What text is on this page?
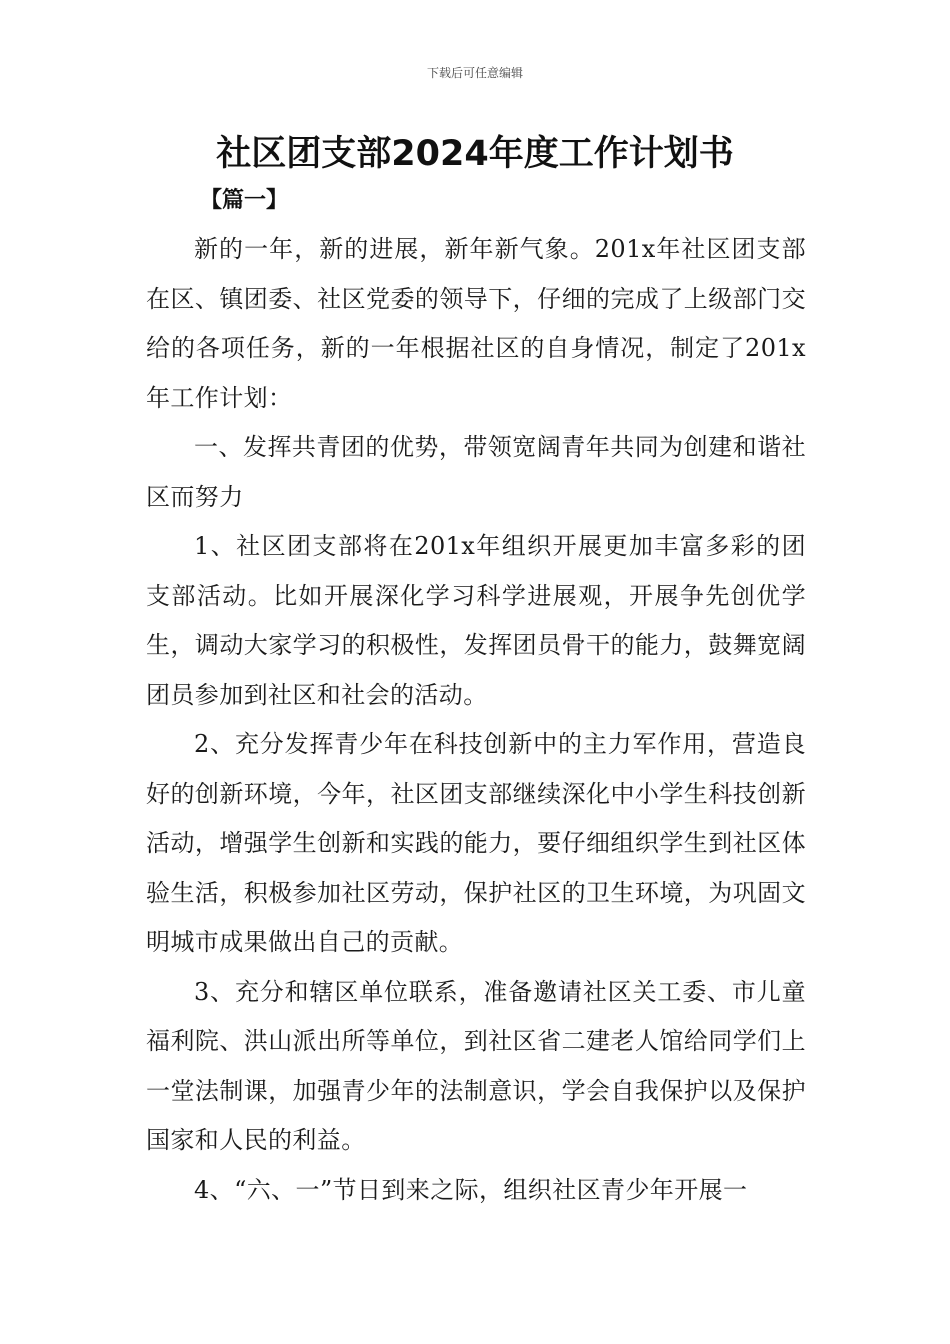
下载后可任意编辑
社区团支部2024年度工作计划书
【篇一】

新的一年，新的进展，新年新气象。201x年社区团支部在区、镇团委、社区党委的领导下，仔细的完成了上级部门交给的各项任务，新的一年根据社区的自身情况，制定了201x年工作计划：

一、发挥共青团的优势，带领宽阔青年共同为创建和谐社区而努力

1、社区团支部将在201x年组织开展更加丰富多彩的团支部活动。比如开展深化学习科学进展观，开展争先创优学生，调动大家学习的积极性，发挥团员骨干的能力，鼓舞宽阔团员参加到社区和社会的活动。

2、充分发挥青少年在科技创新中的主力军作用，营造良好的创新环境，今年，社区团支部继续深化中小学生科技创新活动，增强学生创新和实践的能力，要仔细组织学生到社区体验生活，积极参加社区劳动，保护社区的卫生环境，为巩固文明城市成果做出自己的贡献。

3、充分和辖区单位联系，准备邀请社区关工委、市儿童福利院、洪山派出所等单位，到社区省二建老人馆给同学们上一堂法制课，加强青少年的法制意识，学会自我保护以及保护国家和人民的利益。

4、“六、一”节日到来之际，组织社区青少年开展一
